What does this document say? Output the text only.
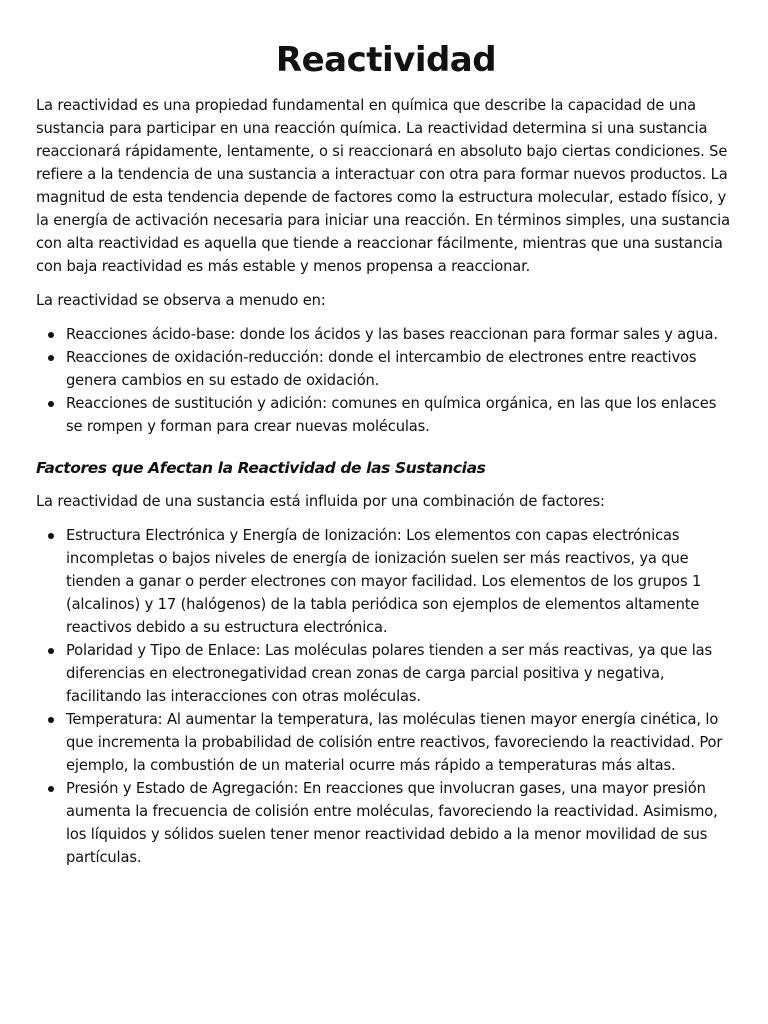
Reactividad

La reactividad es una propiedad fundamental en química que describe la capacidad de una sustancia para participar en una reacción química. La reactividad determina si una sustancia reaccionará rápidamente, lentamente, o si reaccionará en absoluto bajo ciertas condiciones. Se refiere a la tendencia de una sustancia a interactuar con otra para formar nuevos productos. La magnitud de esta tendencia depende de factores como la estructura molecular, estado físico, y la energía de activación necesaria para iniciar una reacción. En términos simples, una sustancia con alta reactividad es aquella que tiende a reaccionar fácilmente, mientras que una sustancia con baja reactividad es más estable y menos propensa a reaccionar.

La reactividad se observa a menudo en:

Reacciones ácido-base: donde los ácidos y las bases reaccionan para formar sales y agua.
Reacciones de oxidación-reducción: donde el intercambio de electrones entre reactivos genera cambios en su estado de oxidación.
Reacciones de sustitución y adición: comunes en química orgánica, en las que los enlaces se rompen y forman para crear nuevas moléculas.
Factores que Afectan la Reactividad de las Sustancias

La reactividad de una sustancia está influida por una combinación de factores:

Estructura Electrónica y Energía de Ionización: Los elementos con capas electrónicas incompletas o bajos niveles de energía de ionización suelen ser más reactivos, ya que tienden a ganar o perder electrones con mayor facilidad. Los elementos de los grupos 1 (alcalinos) y 17 (halógenos) de la tabla periódica son ejemplos de elementos altamente reactivos debido a su estructura electrónica.
Polaridad y Tipo de Enlace: Las moléculas polares tienden a ser más reactivas, ya que las diferencias en electronegatividad crean zonas de carga parcial positiva y negativa, facilitando las interacciones con otras moléculas.
Temperatura: Al aumentar la temperatura, las moléculas tienen mayor energía cinética, lo que incrementa la probabilidad de colisión entre reactivos, favoreciendo la reactividad. Por ejemplo, la combustión de un material ocurre más rápido a temperaturas más altas.
Presión y Estado de Agregación: En reacciones que involucran gases, una mayor presión aumenta la frecuencia de colisión entre moléculas, favoreciendo la reactividad. Asimismo, los líquidos y sólidos suelen tener menor reactividad debido a la menor movilidad de sus partículas.
